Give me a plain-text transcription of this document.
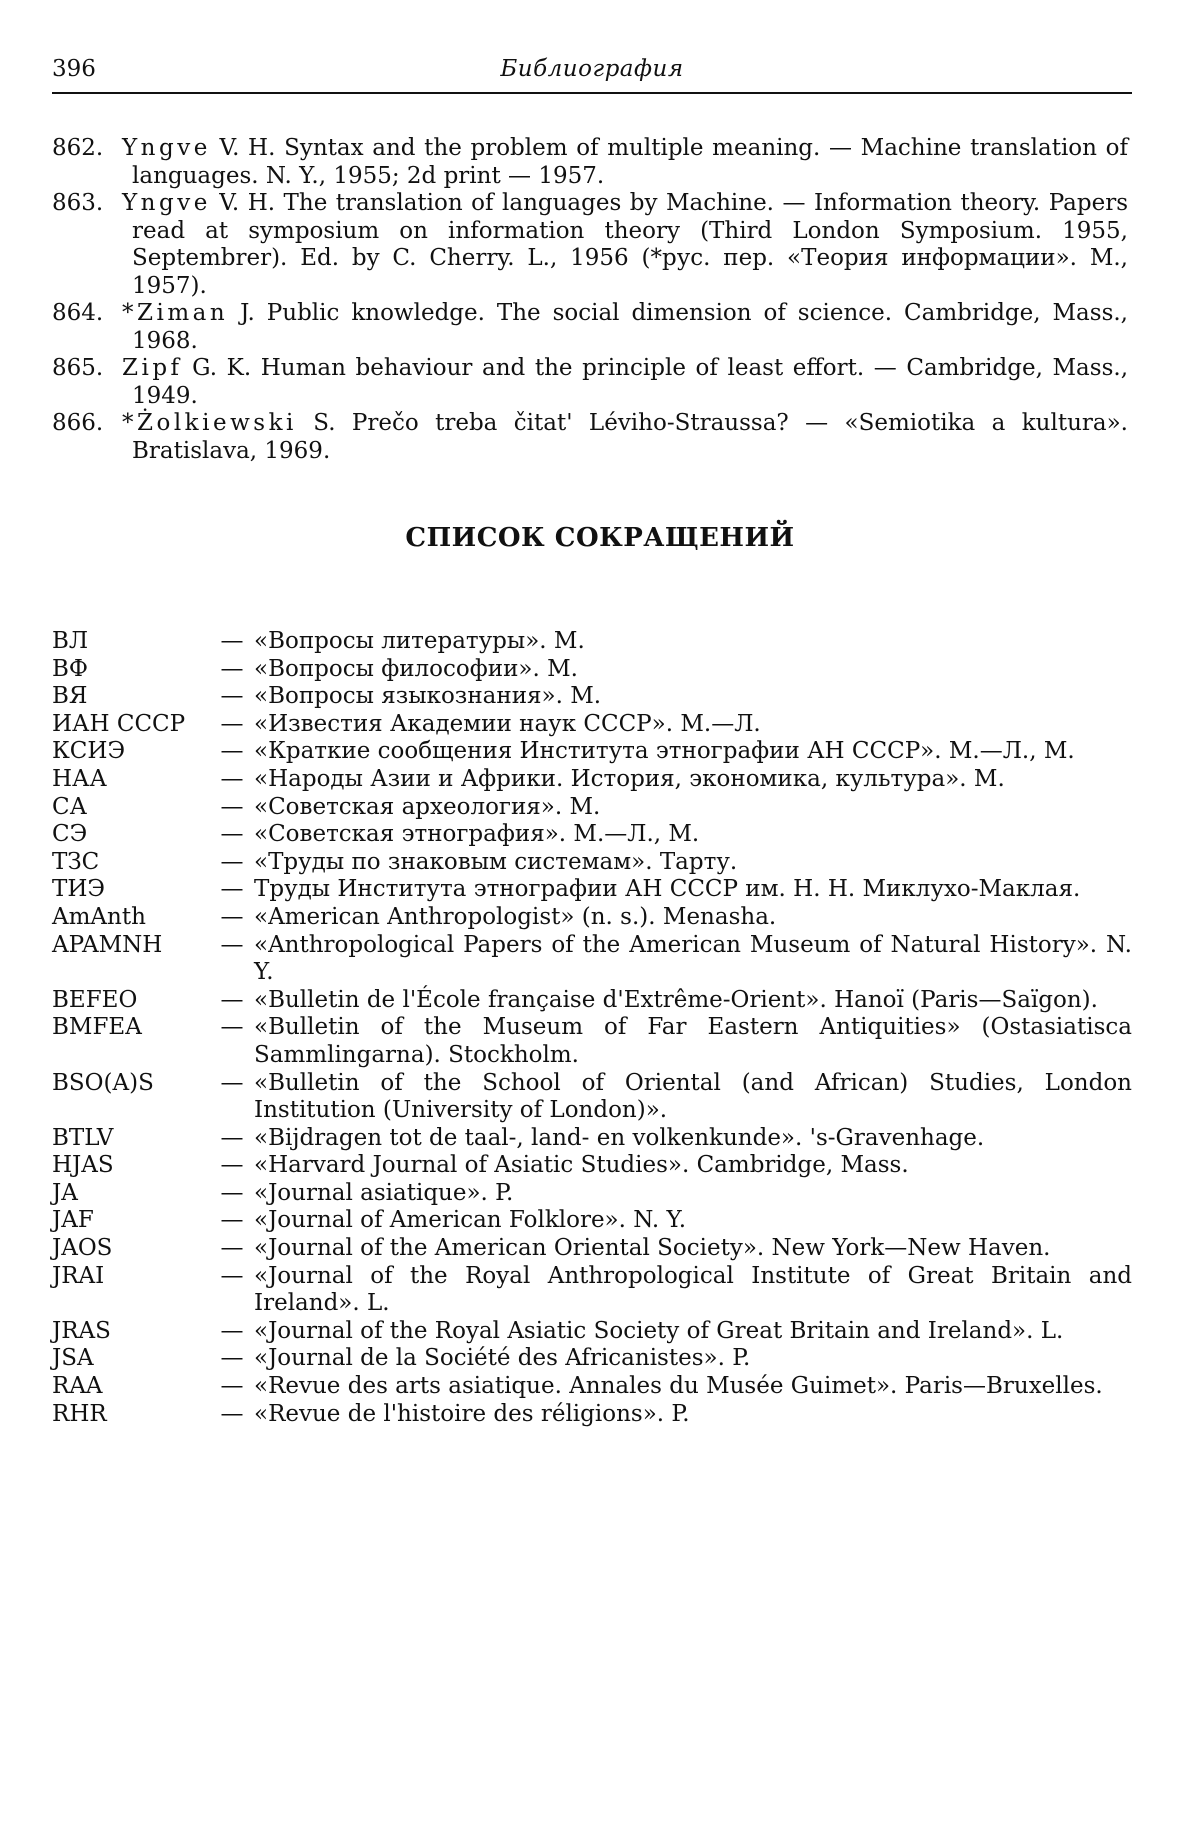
396	Библиография

862. Yngve V. H. Syntax and the problem of multiple meaning. — Machine translation of languages. N. Y., 1955; 2d print — 1957.

863. Yngve V. H. The translation of languages by Machine. — Information theory. Papers read at symposium on information theory (Third London Symposium. 1955, Septembrer). Ed. by C. Cherry. L., 1956 (*рус. пер. «Теория информации». М., 1957).

864. *Ziman J. Public knowledge. The social dimension of science. Cambridge, Mass., 1968.

865. Zipf G. K. Human behaviour and the principle of least effort. — Cambridge, Mass., 1949.

866. *Żolkiewski S. Prečo treba čitat' Léviho-Straussa? — «Semiotika a kultura». Bratislava, 1969.

СПИСОК СОКРАЩЕНИЙ
ВЛ	— «Вопросы литературы». М.
ВФ	— «Вопросы философии». М.
ВЯ	— «Вопросы языкознания». М.
ИАН СССР	— «Известия Академии наук СССР». М.—Л.
КСИЭ	— «Краткие сообщения Института этнографии АН СССР». М.—Л., М.
НАА	— «Народы Азии и Африки. История, экономика, культура». М.
СА	— «Советская археология». М.
СЭ	— «Советская этнография». М.—Л., М.
ТЗС	— «Труды по знаковым системам». Тарту.
ТИЭ	— Труды Института этнографии АН СССР им. Н. Н. Миклухо-Маклая.
AmAnth	— «American Anthropologist» (n. s.). Menasha.
APAMNH	— «Anthropological Papers of the American Museum of Natural History». N. Y.
BEFEO	— «Bulletin de l'École française d'Extrême-Orient». Hanoï (Paris—Saïgon).
BMFEA	— «Bulletin of the Museum of Far Eastern Antiquities» (Ostasiatisca Sammlingarna). Stockholm.
BSO(A)S	— «Bulletin of the School of Oriental (and African) Studies, London Institution (University of London)».
BTLV	— «Bijdragen tot de taal-, land- en volkenkunde». 's-Gravenhage.
HJAS	— «Harvard Journal of Asiatic Studies». Cambridge, Mass.
JA	— «Journal asiatique». P.
JAF	— «Journal of American Folklore». N. Y.
JAOS	— «Journal of the American Oriental Society». New York—New Haven.
JRAI	— «Journal of the Royal Anthropological Institute of Great Britain and Ireland». L.
JRAS	— «Journal of the Royal Asiatic Society of Great Britain and Ireland». L.
JSA	— «Journal de la Société des Africanistes». P.
RAA	— «Revue des arts asiatique. Annales du Musée Guimet». Paris—Bruxelles.
RHR	— «Revue de l'histoire des réligions». P.
